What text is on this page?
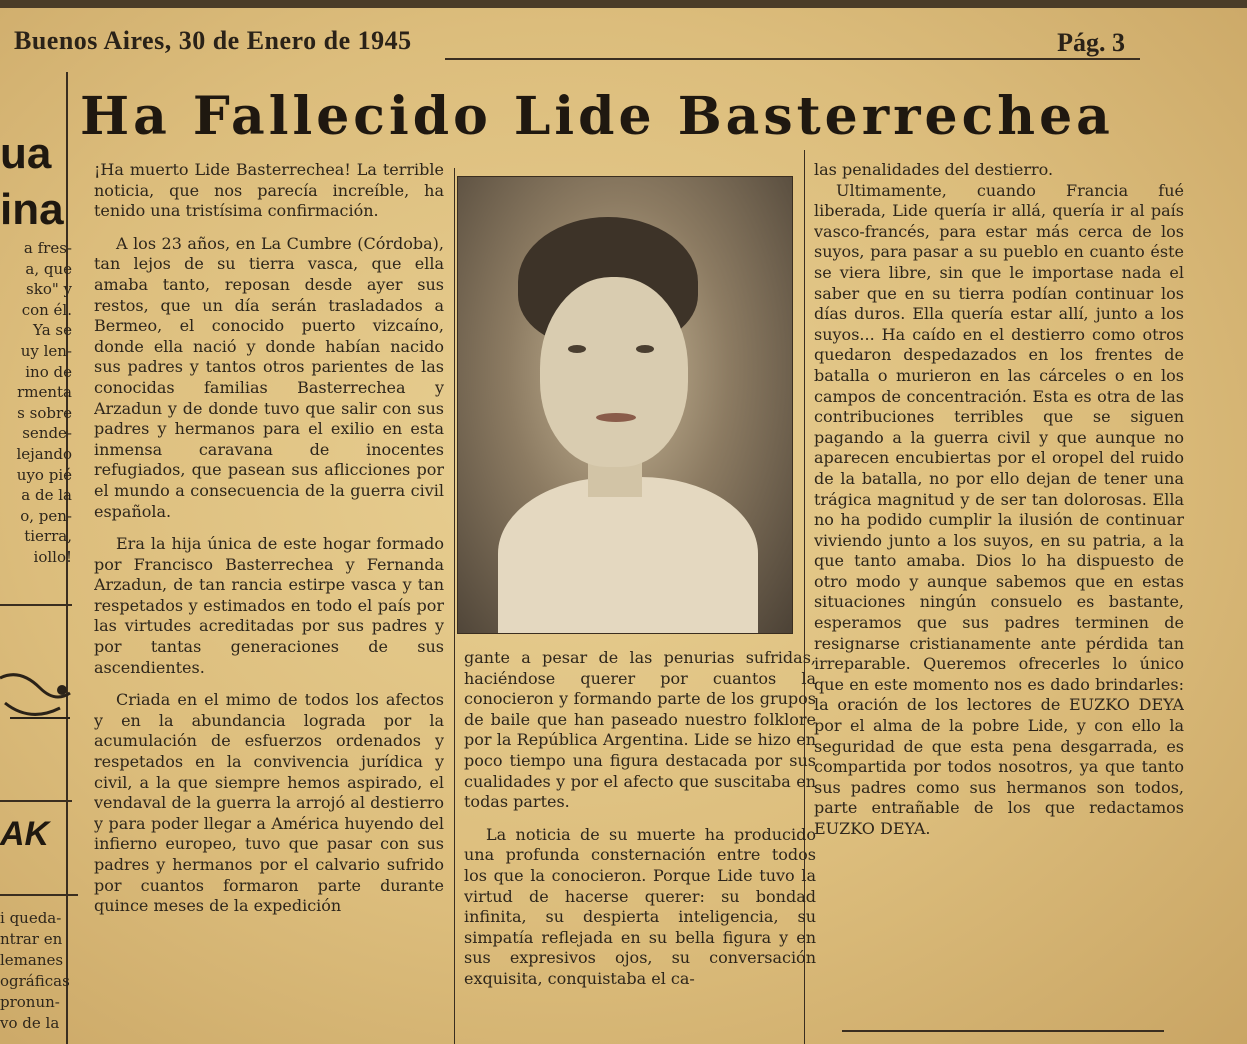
Buenos Aires, 30 de Enero de 1945	Pág. 3
Ha Fallecido Lide Basterrechea
ua
ina
a fres-
a, que
sko" y
con él.
Ya se
uy len-
ino de
rmenta
s sobre
sende-
lejando
uyo pié
a de la
o, pen-
tierra,
iollo!
AK
i queda-
ntrar en
lemanes
ográficas
pronun-
vo de la

¡Ha muerto Lide Basterrechea! La terrible noticia, que nos parecía increíble, ha tenido una tristísima confirmación.

A los 23 años, en La Cumbre (Córdoba), tan lejos de su tierra vasca, que ella amaba tanto, reposan desde ayer sus restos, que un día serán trasladados a Bermeo, el conocido puerto vizcaíno, donde ella nació y donde habían nacido sus padres y tantos otros parientes de las conocidas familias Basterrechea y Arzadun y de donde tuvo que salir con sus padres y hermanos para el exilio en esta inmensa caravana de inocentes refugiados, que pasean sus aflicciones por el mundo a consecuencia de la guerra civil española.

Era la hija única de este hogar formado por Francisco Basterrechea y Fernanda Arzadun, de tan rancia estirpe vasca y tan respetados y estimados en todo el país por las virtudes acreditadas por sus padres y por tantas generaciones de sus ascendientes.

Criada en el mimo de todos los afectos y en la abundancia lograda por la acumulación de esfuerzos ordenados y respetados en la convivencia jurídica y civil, a la que siempre hemos aspirado, el vendaval de la guerra la arrojó al destierro y para poder llegar a América huyendo del infierno europeo, tuvo que pasar con sus padres y hermanos por el calvario sufrido por cuantos formaron parte durante quince meses de la expedición

gante a pesar de las penurias sufridas, haciéndose querer por cuantos la conocieron y formando parte de los grupos de baile que han paseado nuestro folklore por la República Argentina. Lide se hizo en poco tiempo una figura destacada por sus cualidades y por el afecto que suscitaba en todas partes.

La noticia de su muerte ha producido una profunda consternación entre todos los que la conocieron. Porque Lide tuvo la virtud de hacerse querer: su bondad infinita, su despierta inteligencia, su simpatía reflejada en su bella figura y en sus expresivos ojos, su conversación exquisita, conquistaba el ca-

las penalidades del destierro.

Ultimamente, cuando Francia fué liberada, Lide quería ir allá, quería ir al país vasco-francés, para estar más cerca de los suyos, para pasar a su pueblo en cuanto éste se viera libre, sin que le importase nada el saber que en su tierra podían continuar los días duros. Ella quería estar allí, junto a los suyos... Ha caído en el destierro como otros quedaron despedazados en los frentes de batalla o murieron en las cárceles o en los campos de concentración. Esta es otra de las contribuciones terribles que se siguen pagando a la guerra civil y que aunque no aparecen encubiertas por el oropel del ruido de la batalla, no por ello dejan de tener una trágica magnitud y de ser tan dolorosas. Ella no ha podido cumplir la ilusión de continuar viviendo junto a los suyos, en su patria, a la que tanto amaba. Dios lo ha dispuesto de otro modo y aunque sabemos que en estas situaciones ningún consuelo es bastante, esperamos que sus padres terminen de resignarse cristianamente ante pérdida tan irreparable. Queremos ofrecerles lo único que en este momento nos es dado brindarles: la oración de los lectores de EUZKO DEYA por el alma de la pobre Lide, y con ello la seguridad de que esta pena desgarrada, es compartida por todos nosotros, ya que tanto sus padres como sus hermanos son todos, parte entrañable de los que redactamos EUZKO DEYA.
